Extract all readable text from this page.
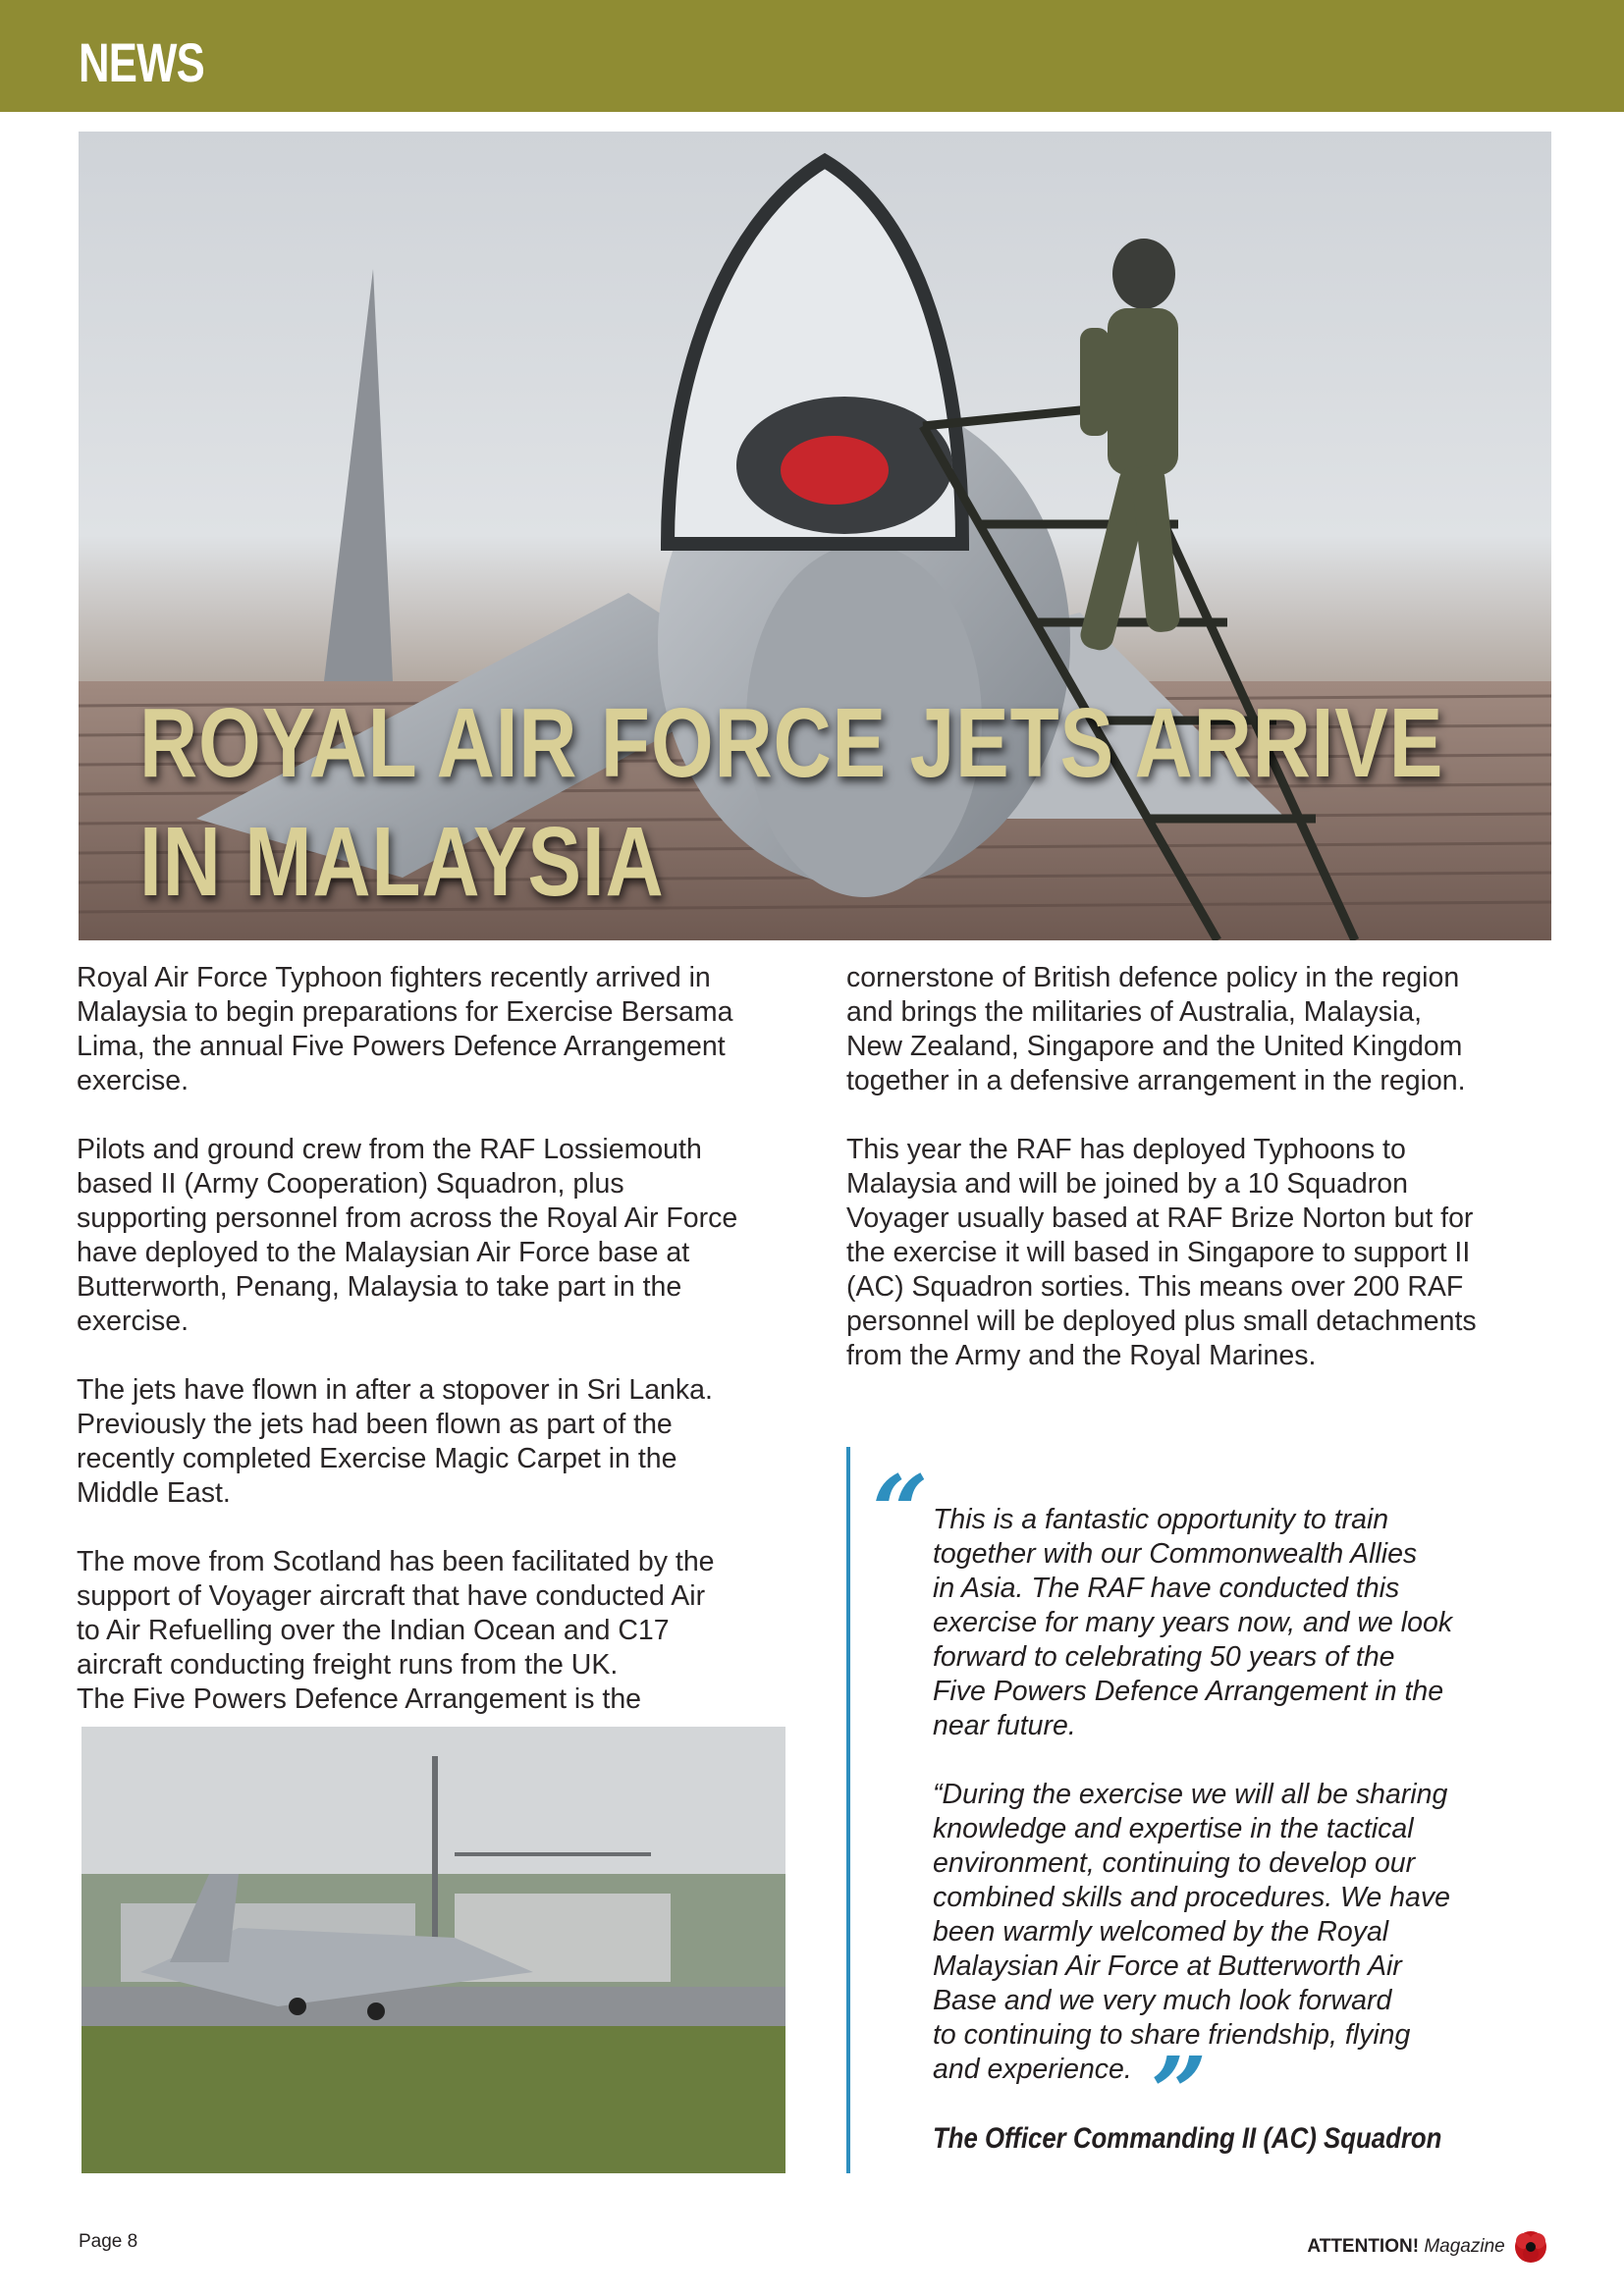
NEWS
ROYAL AIR FORCE JETS ARRIVE
IN MALAYSIA

Royal Air Force Typhoon fighters recently arrived in
Malaysia to begin preparations for Exercise Bersama
Lima, the annual Five Powers Defence Arrangement
exercise.

Pilots and ground crew from the RAF Lossiemouth
based II (Army Cooperation) Squadron, plus
supporting personnel from across the Royal Air Force
have deployed to the Malaysian Air Force base at
Butterworth, Penang, Malaysia to take part in the
exercise.

The jets have flown in after a stopover in Sri Lanka.
Previously the jets had been flown as part of the
recently completed Exercise Magic Carpet in the
Middle East.

The move from Scotland has been facilitated by the
support of Voyager aircraft that have conducted Air
to Air Refuelling over the Indian Ocean and C17
aircraft conducting freight runs from the UK.
The Five Powers Defence Arrangement is the

cornerstone of British defence policy in the region
and brings the militaries of Australia, Malaysia,
New Zealand, Singapore and the United Kingdom
together in a defensive arrangement in the region.

This year the RAF has deployed Typhoons to
Malaysia and will be joined by a 10 Squadron
Voyager usually based at RAF Brize Norton but for
the exercise it will based in Singapore to support II
(AC) Squadron sorties. This means over 200 RAF
personnel will be deployed plus small detachments
from the Army and the Royal Marines.

“ This is a fantastic opportunity to train
together with our Commonwealth Allies
in Asia. The RAF have conducted this
exercise for many years now, and we look
forward to celebrating 50 years of the
Five Powers Defence Arrangement in the
near future.

“During the exercise we will all be sharing
knowledge and expertise in the tactical
environment, continuing to develop our
combined skills and procedures. We have
been warmly welcomed by the Royal
Malaysian Air Force at Butterworth Air
Base and we very much look forward
to continuing to share friendship, flying
and experience. ”
The Officer Commanding II (AC) Squadron
Page 8	ATTENTION! Magazine
